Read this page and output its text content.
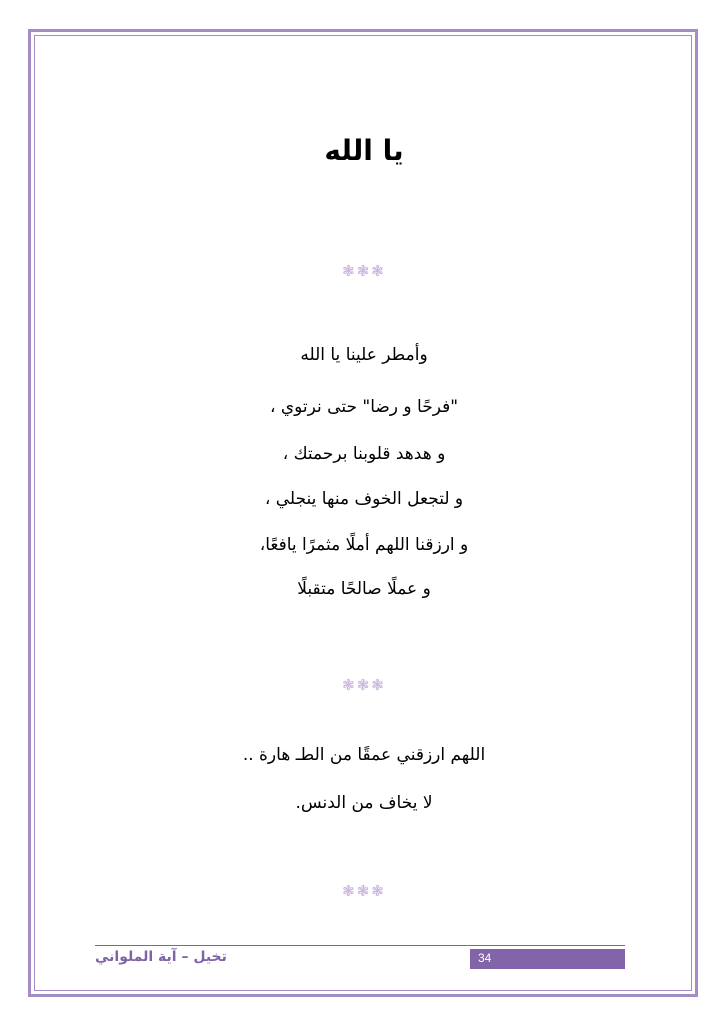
يا الله
❃❃❃
وأمطر علينا يا الله
"فرحًا و رضا" حتى نرتوي ،
و هدهد قلوبنا برحمتك ،
و لتجعل الخوف منها ينجلي ،
و ارزقنا اللهم أملًا مثمرًا يافعًا،
و عملًا صالحًا متقبلًا
❃❃❃
اللهم ارزقني عمقًا من الطـ هارة ..
لا يخاف من الدنس.
❃❃❃
تخيل – آية الملواني	34
